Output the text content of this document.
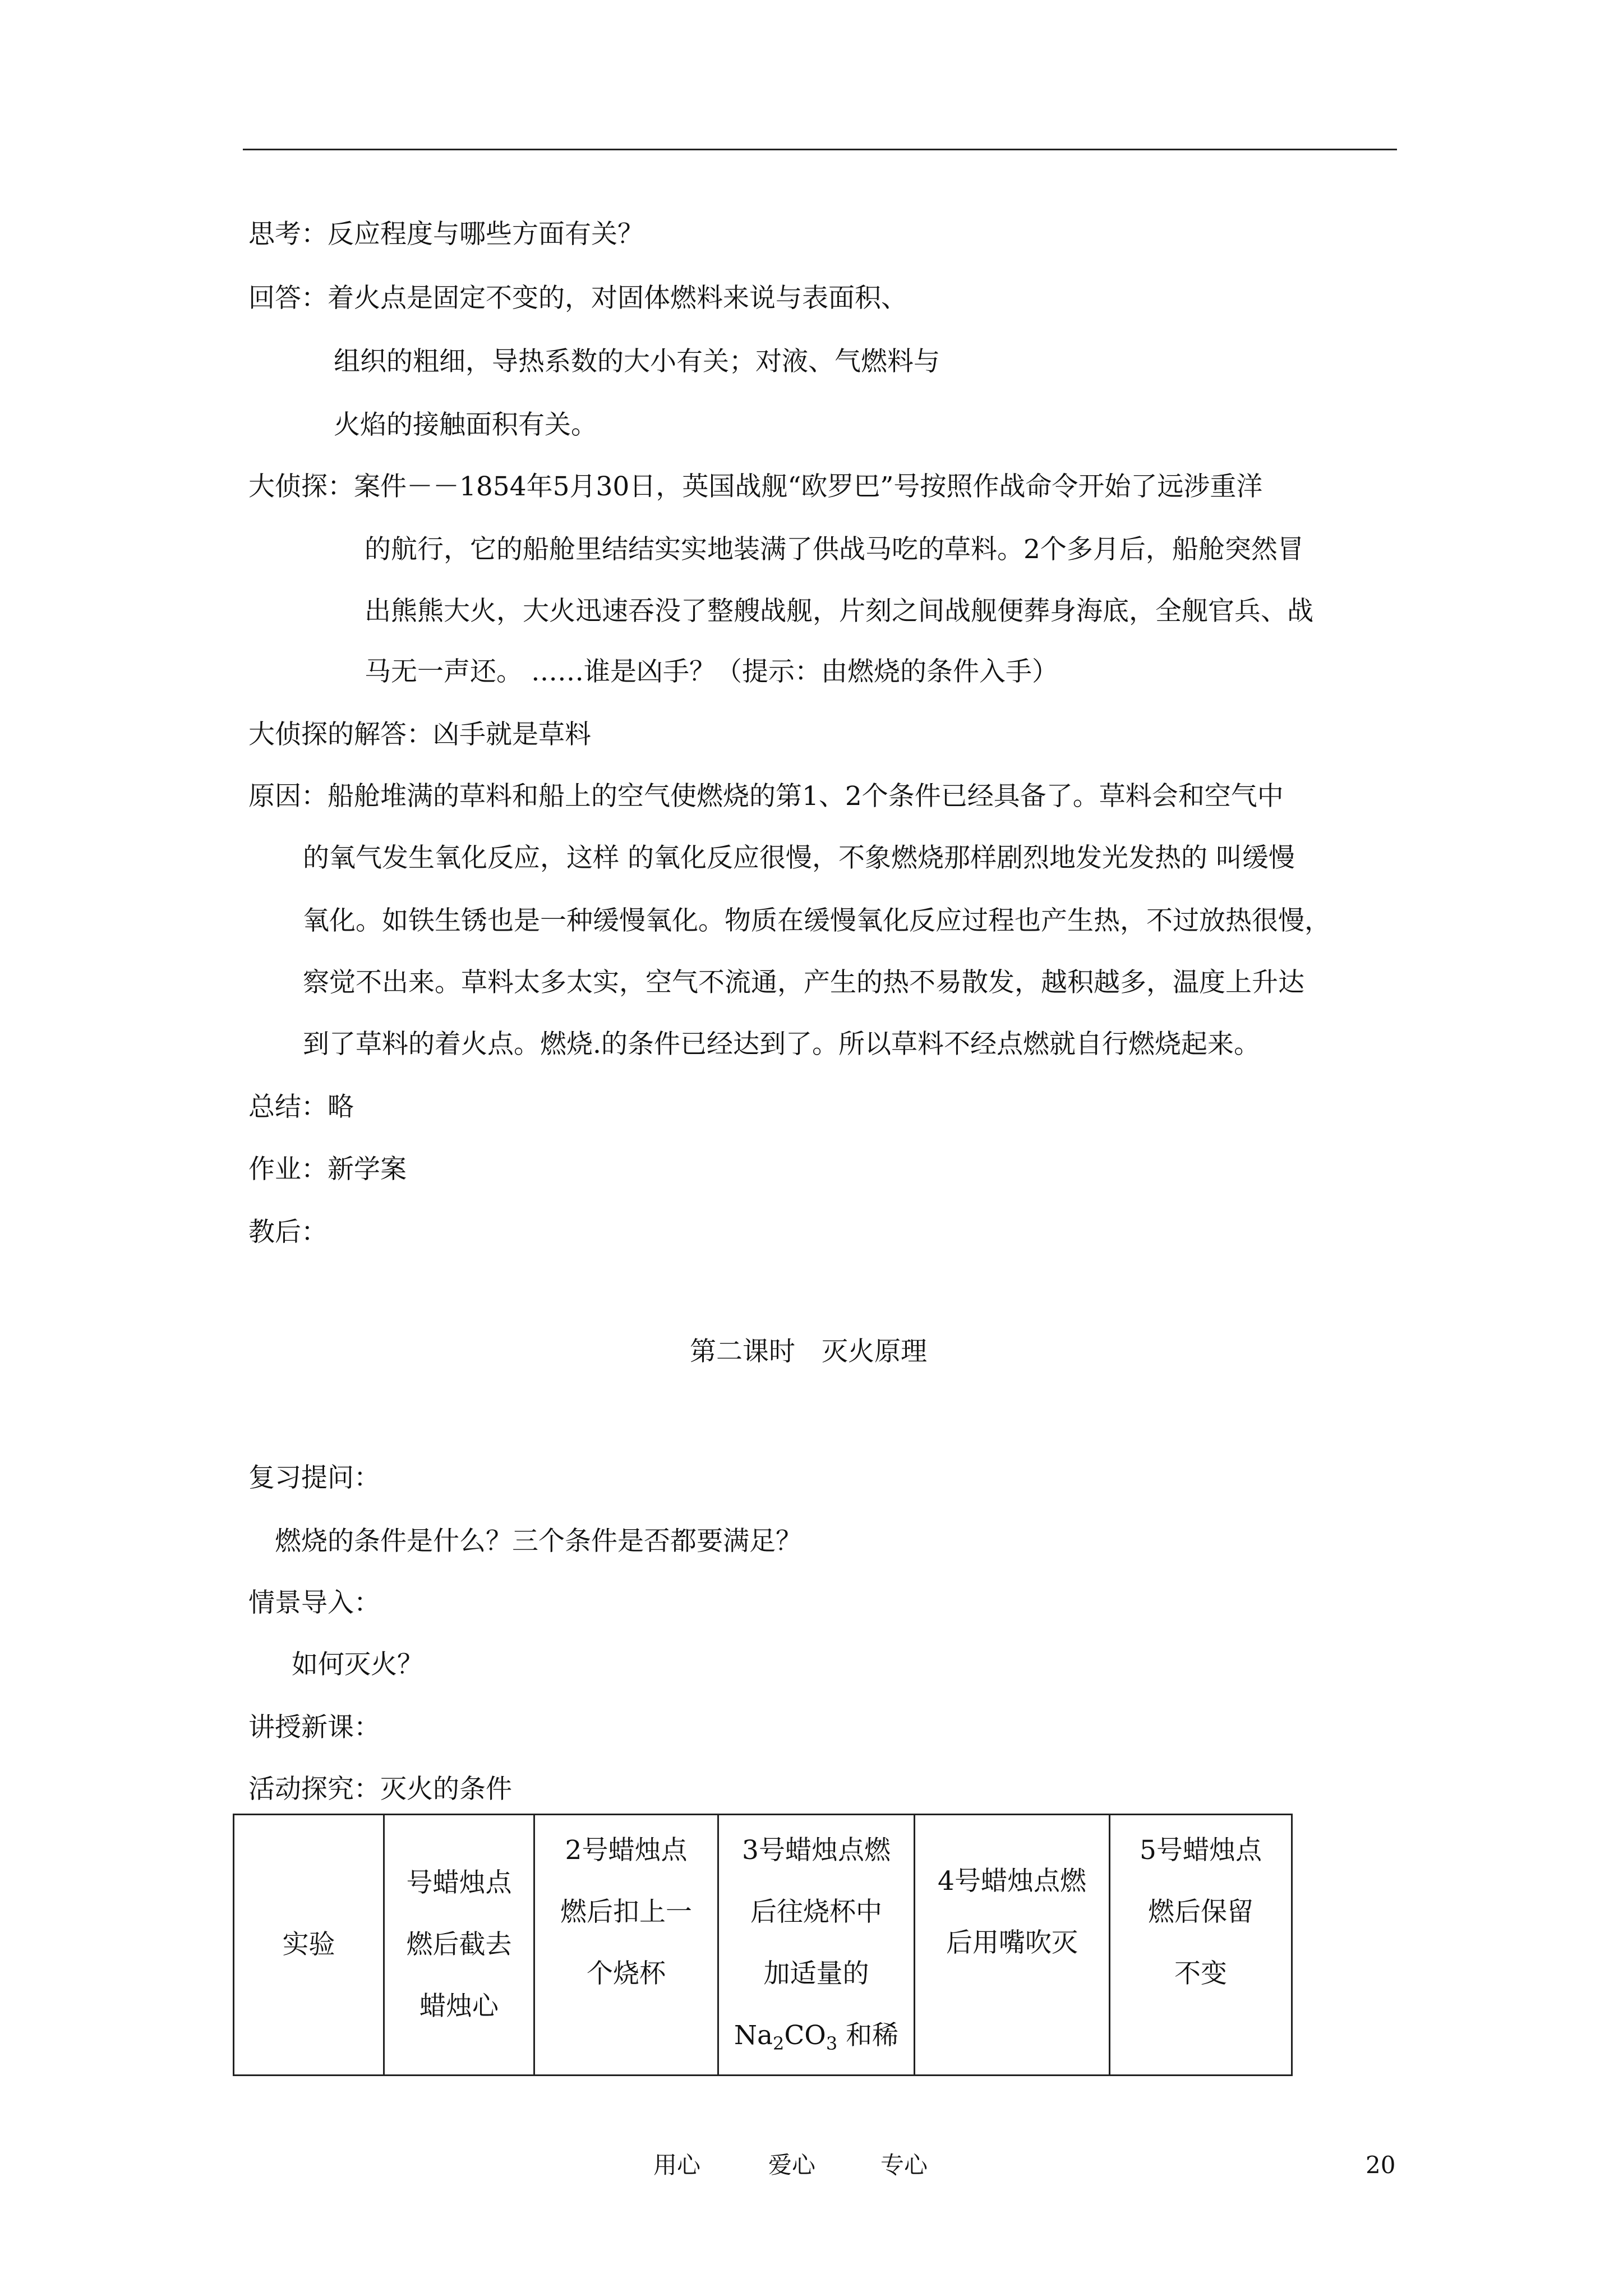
思考：反应程度与哪些方面有关？
回答：着火点是固定不变的，对固体燃料来说与表面积、
组织的粗细，导热系数的大小有关；对液、气燃料与
火焰的接触面积有关。
大侦探：案件－－1854年5月30日，英国战舰“欧罗巴”号按照作战命令开始了远涉重洋
的航行，它的船舱里结结实实地装满了供战马吃的草料。2个多月后，船舱突然冒
出熊熊大火，大火迅速吞没了整艘战舰，片刻之间战舰便葬身海底，全舰官兵、战
马无一声还。 ……谁是凶手？（提示：由燃烧的条件入手）
大侦探的解答：凶手就是草料
原因：船舱堆满的草料和船上的空气使燃烧的第1、2个条件已经具备了。草料会和空气中
的氧气发生氧化反应，这样 的氧化反应很慢，不象燃烧那样剧烈地发光发热的 叫缓慢
氧化。如铁生锈也是一种缓慢氧化。物质在缓慢氧化反应过程也产生热，不过放热很慢，
察觉不出来。草料太多太实，空气不流通，产生的热不易散发，越积越多，温度上升达
到了草料的着火点。燃烧.的条件已经达到了。所以草料不经点燃就自行燃烧起来。
总结：略
作业：新学案
教后：
第二课时　灭火原理
复习提问：
燃烧的条件是什么？三个条件是否都要满足？
情景导入：
如何灭火？
讲授新课：
活动探究：灭火的条件
实验

号蜡烛点
燃后截去
蜡烛心

2号蜡烛点
燃后扣上一
个烧杯

3号蜡烛点燃
后往烧杯中
加适量的
$Na_2CO_3$ 和稀

4号蜡烛点燃
后用嘴吹灭

5号蜡烛点
燃后保留
不变
用心	爱心	专心	20
